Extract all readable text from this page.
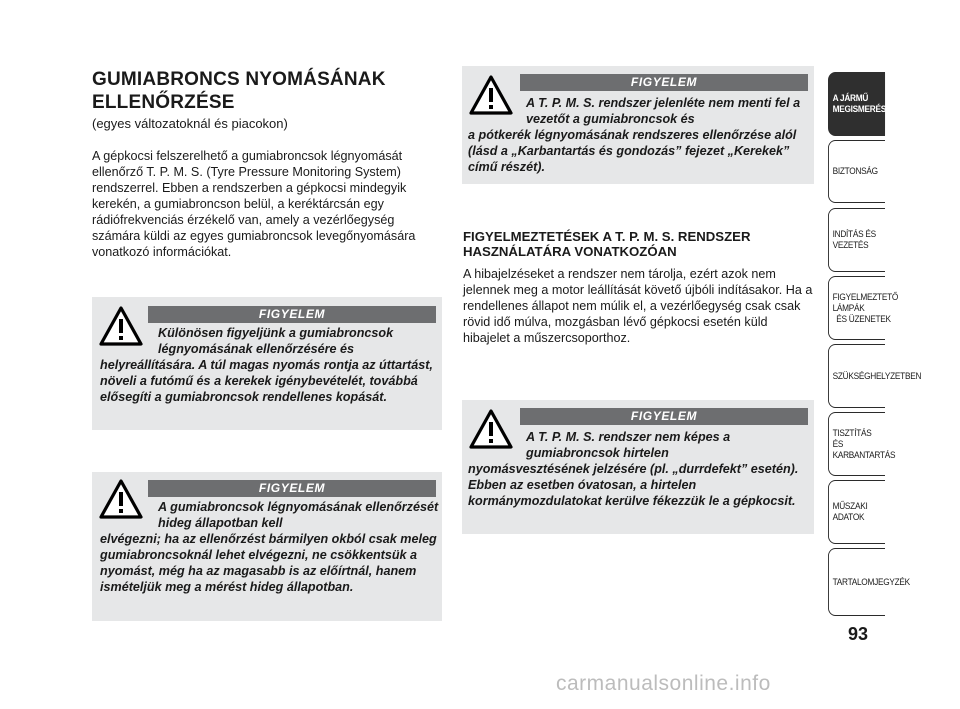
GUMIABRONCS NYOMÁSÁNAK ELLENŐRZÉSE
(egyes változatoknál és piacokon)

A gépkocsi felszerelhető a gumiabroncsok légnyomását ellenőrző T. P. M. S. (Tyre Pressure Monitoring System) rendszerrel. Ebben a rendszerben a gépkocsi mindegyik kerekén, a gumiabroncson belül, a keréktárcsán egy rádiófrekvenciás érzékelő van, amely a vezérlőegység számára küldi az egyes gumiabroncsok levegőnyomására vonatkozó információkat.

FIGYELEM

Különösen figyeljünk a gumiabroncsok légnyomásának ellenőrzésére és
helyreállítására. A túl magas nyomás rontja az úttartást, növeli a futómű és a kerekek igénybevételét, továbbá elősegíti a gumiabroncsok rendellenes kopását.

FIGYELEM

A gumiabroncsok légnyomásának ellenőrzését hideg állapotban kell
elvégezni; ha az ellenőrzést bármilyen okból csak meleg gumiabroncsoknál lehet elvégezni, ne csökkentsük a nyomást, még ha az magasabb is az előírtnál, hanem ismételjük meg a mérést hideg állapotban.

FIGYELEM

A T. P. M. S. rendszer jelenléte nem menti fel a vezetőt a gumiabroncsok és
a pótkerék légnyomásának rendszeres ellenőrzése alól (lásd a „Karbantartás és gondozás” fejezet „Kerekek” című részét).

FIGYELMEZTETÉSEK A T. P. M. S. RENDSZER HASZNÁLATÁRA VONATKOZÓAN

A hibajelzéseket a rendszer nem tárolja, ezért azok nem jelennek meg a motor leállítását követő újbóli indításakor. Ha a rendellenes állapot nem múlik el, a vezérlőegység csak csak rövid idő múlva, mozgásban lévő gépkocsi esetén küld hibajelet a műszercsoporthoz.

FIGYELEM

A T. P. M. S. rendszer nem képes a gumiabroncsok hirtelen
nyomásvesztésének jelzésére (pl. „durrdefekt” esetén). Ebben az esetben óvatosan, a hirtelen kormánymozdulatokat kerülve fékezzük le a gépkocsit.

A JÁRMŰ
MEGISMERÉSE
BIZTONSÁG
INDÍTÁS ÉS VEZETÉS
FIGYELMEZTETŐ
LÁMPÁK
ÉS ÜZENETEK
SZÜKSÉGHELYZETBEN
TISZTÍTÁS
ÉS KARBANTARTÁS
MŰSZAKI ADATOK
TARTALOMJEGYZÉK
93
carmanualsonline.info
